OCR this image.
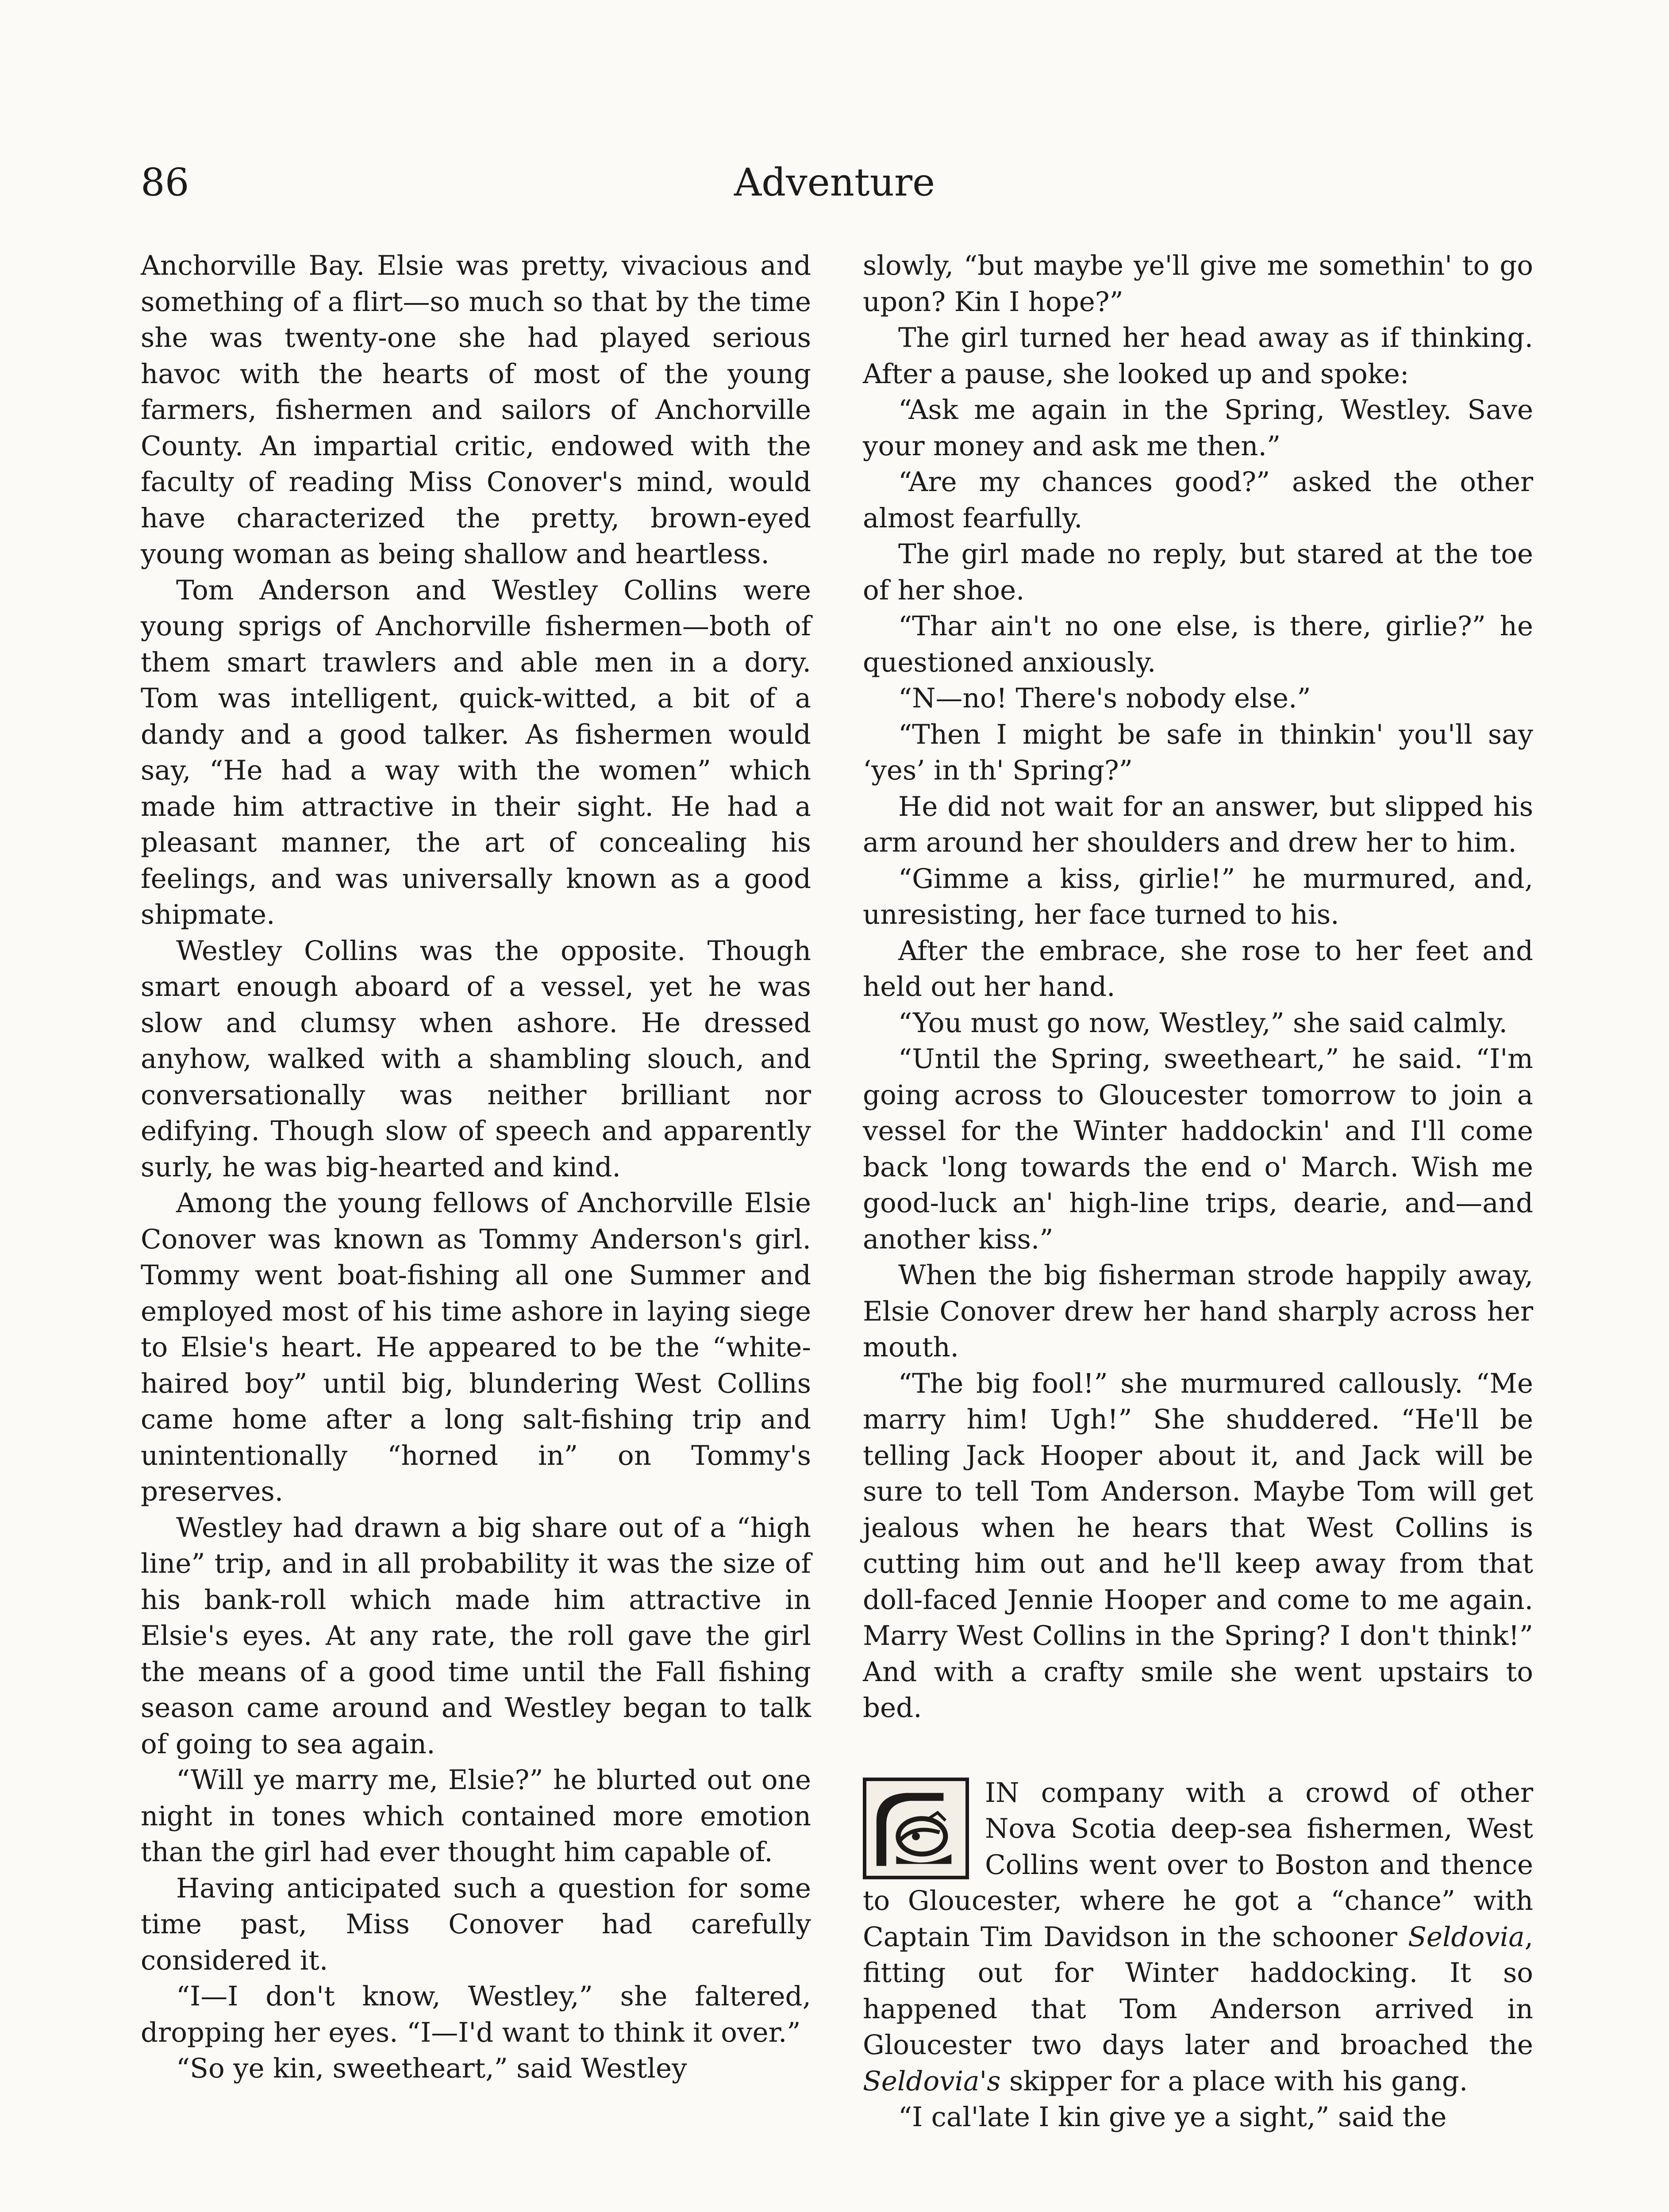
86	Adventure

Anchorville Bay. Elsie was pretty, vivacious and something of a flirt—so much so that by the time she was twenty-one she had played serious havoc with the hearts of most of the young farmers, fishermen and sailors of Anchorville County. An impartial critic, endowed with the faculty of reading Miss Conover's mind, would have characterized the pretty, brown-eyed young woman as being shallow and heartless.

Tom Anderson and Westley Collins were young sprigs of Anchorville fishermen—both of them smart trawlers and able men in a dory. Tom was intelligent, quick-witted, a bit of a dandy and a good talker. As fishermen would say, “He had a way with the women” which made him attractive in their sight. He had a pleasant manner, the art of concealing his feelings, and was universally known as a good shipmate.

Westley Collins was the opposite. Though smart enough aboard of a vessel, yet he was slow and clumsy when ashore. He dressed anyhow, walked with a shambling slouch, and conversationally was neither brilliant nor edifying. Though slow of speech and apparently surly, he was big-hearted and kind.

Among the young fellows of Anchorville Elsie Conover was known as Tommy Anderson's girl. Tommy went boat-fishing all one Summer and employed most of his time ashore in laying siege to Elsie's heart. He appeared to be the “white-haired boy” until big, blundering West Collins came home after a long salt-fishing trip and unintentionally “horned in” on Tommy's preserves.

Westley had drawn a big share out of a “high line” trip, and in all probability it was the size of his bank-roll which made him attractive in Elsie's eyes. At any rate, the roll gave the girl the means of a good time until the Fall fishing season came around and Westley began to talk of going to sea again.

“Will ye marry me, Elsie?” he blurted out one night in tones which contained more emotion than the girl had ever thought him capable of.

Having anticipated such a question for some time past, Miss Conover had carefully considered it.

“I—I don't know, Westley,” she faltered, dropping her eyes. “I—I'd want to think it over.”

“So ye kin, sweetheart,” said Westley

slowly, “but maybe ye'll give me somethin' to go upon? Kin I hope?”

The girl turned her head away as if thinking. After a pause, she looked up and spoke:

“Ask me again in the Spring, Westley. Save your money and ask me then.”

“Are my chances good?” asked the other almost fearfully.

The girl made no reply, but stared at the toe of her shoe.

“Thar ain't no one else, is there, girlie?” he questioned anxiously.

“N—no! There's nobody else.”

“Then I might be safe in thinkin' you'll say ‘yes’ in th' Spring?”

He did not wait for an answer, but slipped his arm around her shoulders and drew her to him.

“Gimme a kiss, girlie!” he murmured, and, unresisting, her face turned to his.

After the embrace, she rose to her feet and held out her hand.

“You must go now, Westley,” she said calmly.

“Until the Spring, sweetheart,” he said. “I'm going across to Gloucester tomorrow to join a vessel for the Winter haddockin' and I'll come back 'long towards the end o' March. Wish me good-luck an' high-line trips, dearie, and—and another kiss.”

When the big fisherman strode happily away, Elsie Conover drew her hand sharply across her mouth.

“The big fool!” she murmured callously. “Me marry him! Ugh!” She shuddered. “He'll be telling Jack Hooper about it, and Jack will be sure to tell Tom Anderson. Maybe Tom will get jealous when he hears that West Collins is cutting him out and he'll keep away from that doll-faced Jennie Hooper and come to me again. Marry West Collins in the Spring? I don't think!” And with a crafty smile she went upstairs to bed.

IN company with a crowd of other Nova Scotia deep-sea fishermen, West Collins went over to Boston and thence to Gloucester, where he got a “chance” with Captain Tim Davidson in the schooner Seldovia, fitting out for Winter haddocking. It so happened that Tom Anderson arrived in Gloucester two days later and broached the Seldovia's skipper for a place with his gang.

“I cal'late I kin give ye a sight,” said the
